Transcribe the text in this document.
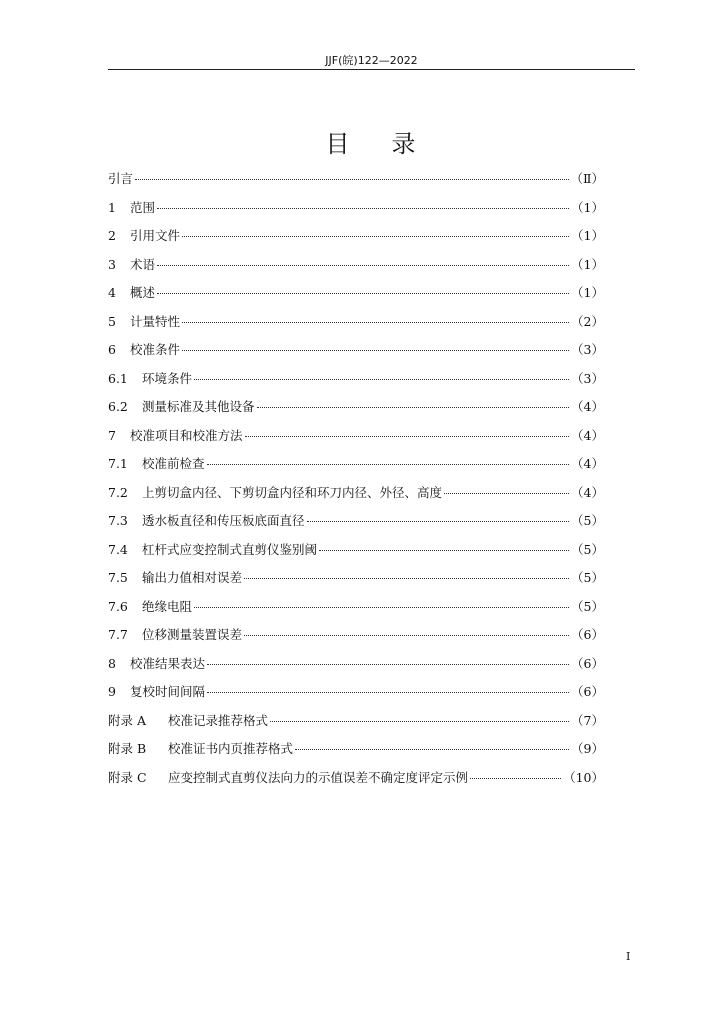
JJF(皖)122—2022
目 录
引言	（Ⅱ）
1	范围	（1）
2	引用文件	（1）
3	术语	（1）
4	概述	（1）
5	计量特性	（2）
6	校准条件	（3）
6.1	环境条件	（3）
6.2	测量标准及其他设备	（4）
7	校准项目和校准方法	（4）
7.1	校准前检查	（4）
7.2	上剪切盒内径、下剪切盒内径和环刀内径、外径、高度	（4）
7.3	透水板直径和传压板底面直径	（5）
7.4	杠杆式应变控制式直剪仪鉴别阈	（5）
7.5	输出力值相对误差	（5）
7.6	绝缘电阻	（5）
7.7	位移测量装置误差	（6）
8	校准结果表达	（6）
9	复校时间间隔	（6）
附录 A	校准记录推荐格式	（7）
附录 B	校准证书内页推荐格式	（9）
附录 C	应变控制式直剪仪法向力的示值误差不确定度评定示例	（10）
I
